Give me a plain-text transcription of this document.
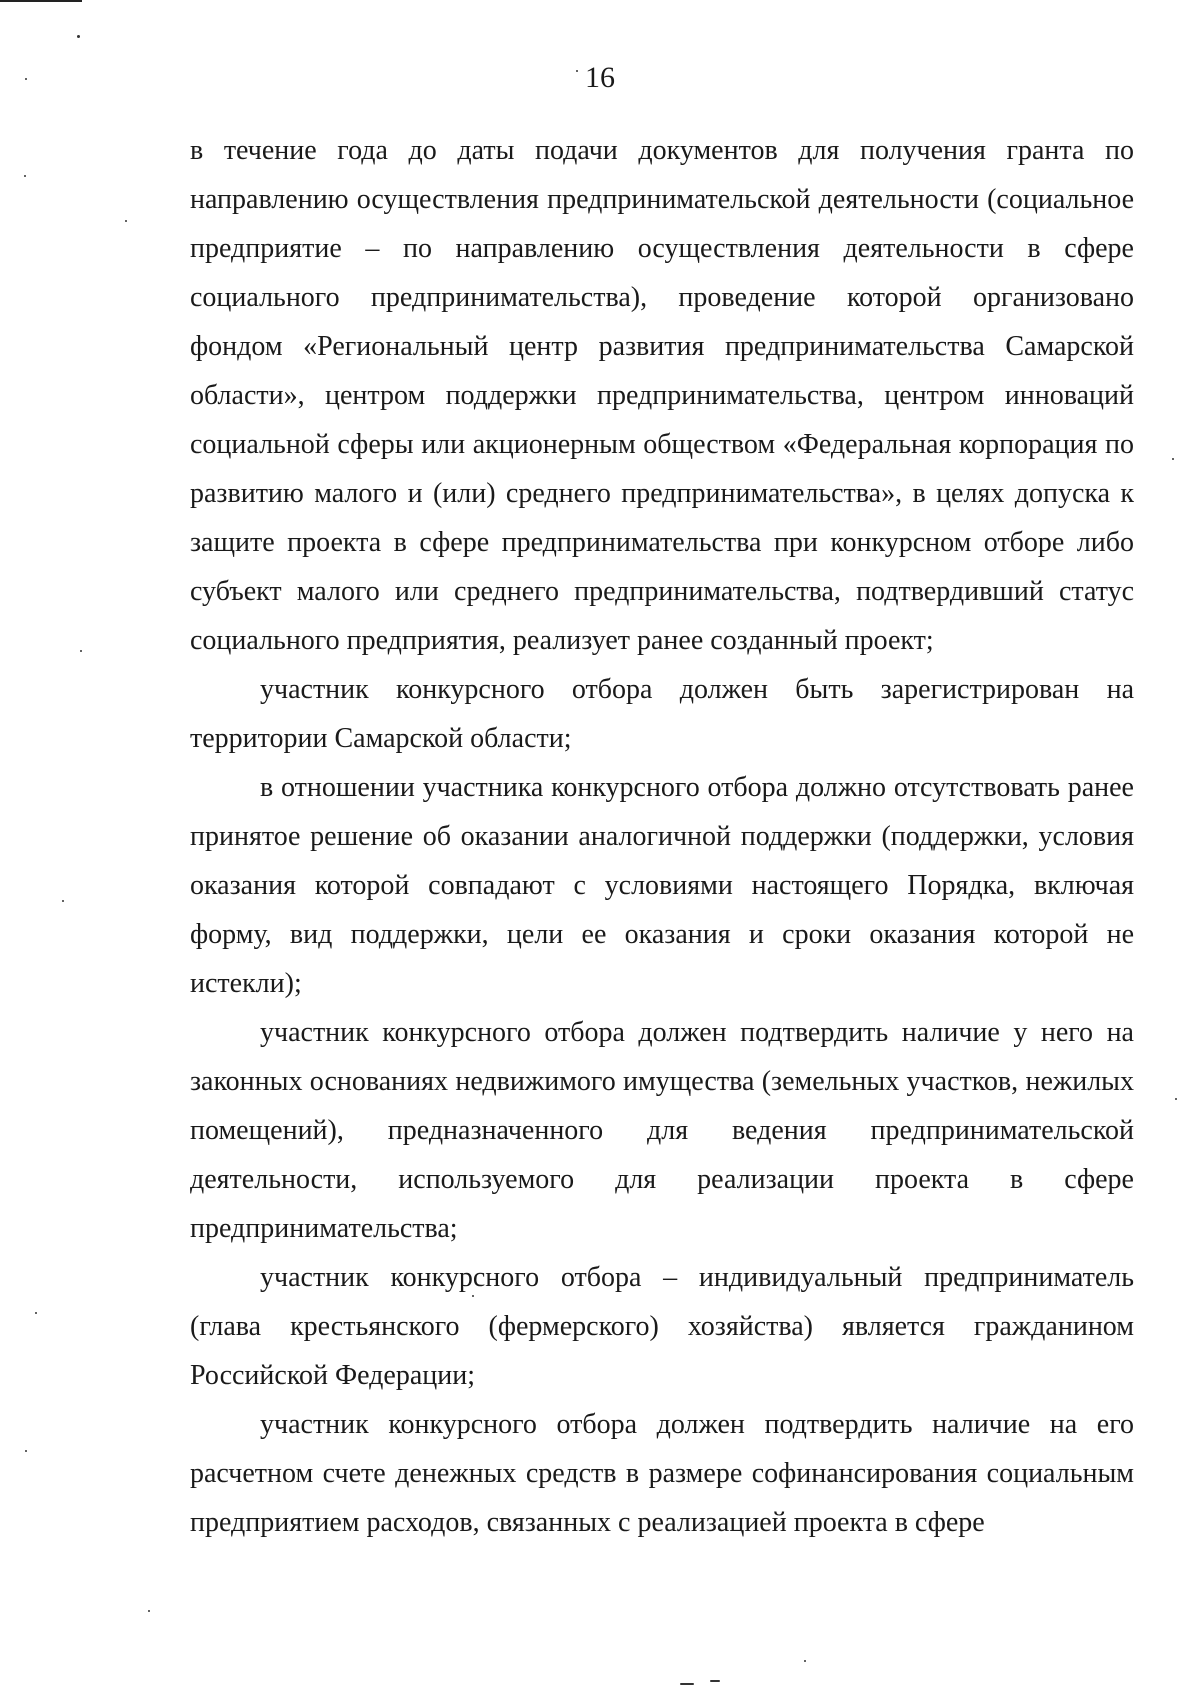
16

в течение года до даты подачи документов для получения гранта по направлению осуществления предпринимательской деятельности (социальное предприятие – по направлению осуществления деятельности в сфере социального предпринимательства), проведение которой организовано фондом «Региональный центр развития предпринимательства Самарской области», центром поддержки предпринимательства, центром инноваций социальной сферы или акционерным обществом «Федеральная корпорация по развитию малого и (или) среднего предпринимательства», в целях допуска к защите проекта в сфере предпринимательства при конкурсном отборе либо субъект малого или среднего предпринимательства, подтвердивший статус социального предприятия, реализует ранее созданный проект;

участник конкурсного отбора должен быть зарегистрирован на территории Самарской области;

в отношении участника конкурсного отбора должно отсутствовать ранее принятое решение об оказании аналогичной поддержки (поддержки, условия оказания которой совпадают с условиями настоящего Порядка, включая форму, вид поддержки, цели ее оказания и сроки оказания которой не истекли);

участник конкурсного отбора должен подтвердить наличие у него на законных основаниях недвижимого имущества (земельных участков, нежилых помещений), предназначенного для ведения предпринимательской деятельности, используемого для реализации проекта в сфере предпринимательства;

участник конкурсного отбора – индивидуальный предприниматель (глава крестьянского (фермерского) хозяйства) является гражданином Российской Федерации;

участник конкурсного отбора должен подтвердить наличие на его расчетном счете денежных средств в размере софинансирования социальным предприятием расходов, связанных с реализацией проекта в сфере
